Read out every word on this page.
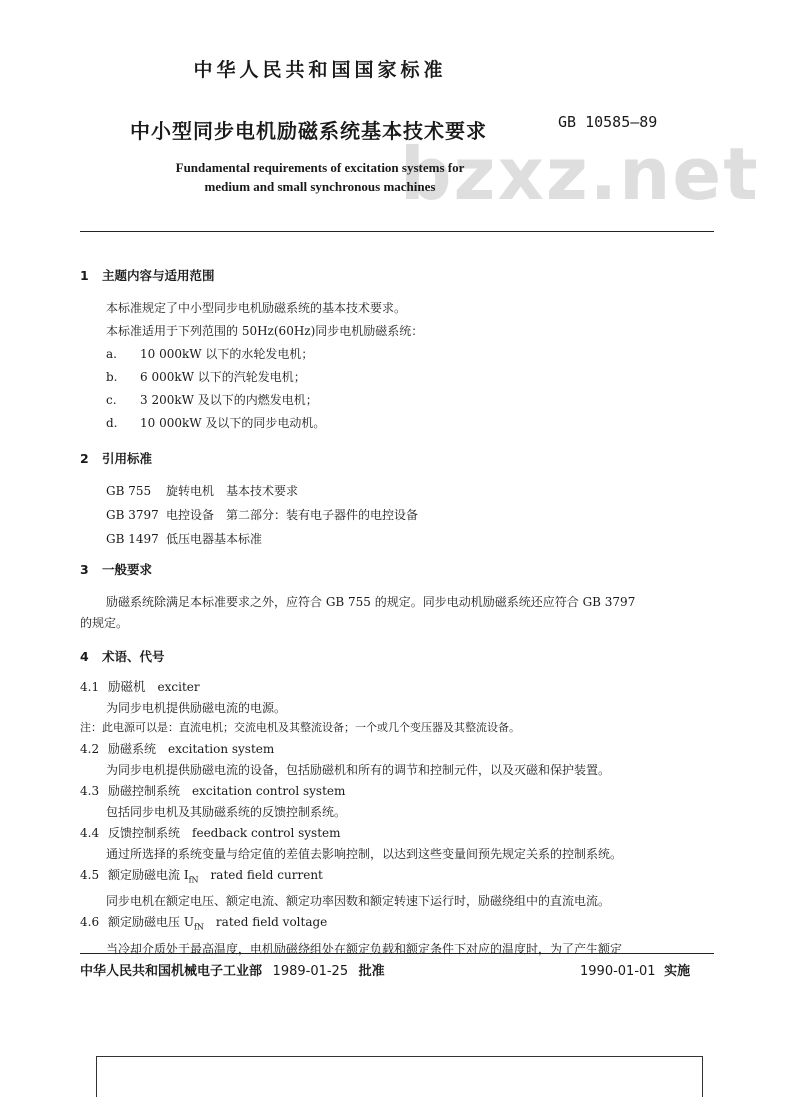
bzxz.net
中华人民共和国国家标准
中小型同步电机励磁系统基本技术要求	GB 10585—89
Fundamental requirements of excitation systems for
medium and small synchronous machines
1 主题内容与适用范围
本标准规定了中小型同步电机励磁系统的基本技术要求。
本标准适用于下列范围的 50Hz(60Hz)同步电机励磁系统：
a. 10 000kW 以下的水轮发电机；
b. 6 000kW 以下的汽轮发电机；
c. 3 200kW 及以下的内燃发电机；
d. 10 000kW 及以下的同步电动机。
2 引用标准
GB 755 旋转电机　基本技术要求
GB 3797 电控设备　第二部分：装有电子器件的电控设备
GB 1497 低压电器基本标准
3 一般要求
励磁系统除满足本标准要求之外，应符合 GB 755 的规定。同步电动机励磁系统还应符合 GB 3797
的规定。
4 术语、代号
4.1 励磁机　 exciter
为同步电机提供励磁电流的电源。
注：此电源可以是：直流电机；交流电机及其整流设备；一个或几个变压器及其整流设备。
4.2 励磁系统　 excitation system
为同步电机提供励磁电流的设备，包括励磁机和所有的调节和控制元件，以及灭磁和保护装置。
4.3 励磁控制系统　 excitation control system
包括同步电机及其励磁系统的反馈控制系统。
4.4 反馈控制系统　 feedback control system
通过所选择的系统变量与给定值的差值去影响控制，以达到这些变量间预先规定关系的控制系统。
4.5 额定励磁电流 $I_{fN}$　 rated field current
同步电机在额定电压、额定电流、额定功率因数和额定转速下运行时，励磁绕组中的直流电流。
4.6 额定励磁电压 $U_{fN}$　 rated field voltage
当冷却介质处于最高温度，电机励磁绕组处在额定负载和额定条件下对应的温度时，为了产生额定
中华人民共和国机械电子工业部 1989-01-25 批准	1990-01-01 实施
